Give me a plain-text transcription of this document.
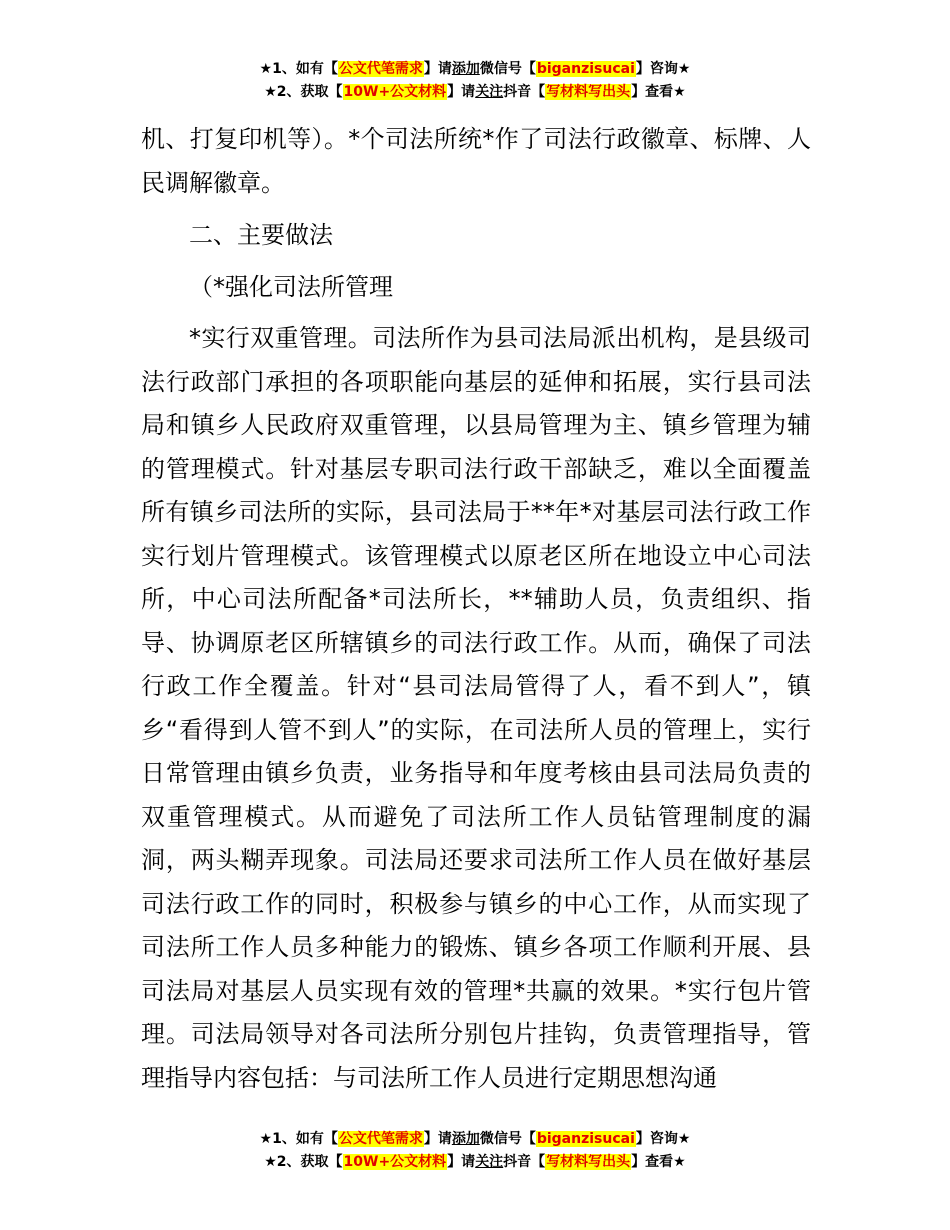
★1、如有【公文代笔需求】请添加微信号【biganzisucai】咨询★
★2、获取【10W+公文材料】请关注抖音【写材料写出头】查看★

机、打复印机等）。*个司法所统*作了司法行政徽章、标牌、人民调解徽章。

二、主要做法

（*强化司法所管理

*实行双重管理。司法所作为县司法局派出机构，是县级司法行政部门承担的各项职能向基层的延伸和拓展，实行县司法局和镇乡人民政府双重管理，以县局管理为主、镇乡管理为辅的管理模式。针对基层专职司法行政干部缺乏，难以全面覆盖所有镇乡司法所的实际，县司法局于**年*对基层司法行政工作实行划片管理模式。该管理模式以原老区所在地设立中心司法所，中心司法所配备*司法所长，**辅助人员，负责组织、指导、协调原老区所辖镇乡的司法行政工作。从而，确保了司法行政工作全覆盖。针对“县司法局管得了人，看不到人”，镇乡“看得到人管不到人”的实际，在司法所人员的管理上，实行日常管理由镇乡负责，业务指导和年度考核由县司法局负责的双重管理模式。从而避免了司法所工作人员钻管理制度的漏洞，两头糊弄现象。司法局还要求司法所工作人员在做好基层司法行政工作的同时，积极参与镇乡的中心工作，从而实现了司法所工作人员多种能力的锻炼、镇乡各项工作顺利开展、县司法局对基层人员实现有效的管理*共赢的效果。*实行包片管理。司法局领导对各司法所分别包片挂钩，负责管理指导，管理指导内容包括：与司法所工作人员进行定期思想沟通

★1、如有【公文代笔需求】请添加微信号【biganzisucai】咨询★
★2、获取【10W+公文材料】请关注抖音【写材料写出头】查看★
